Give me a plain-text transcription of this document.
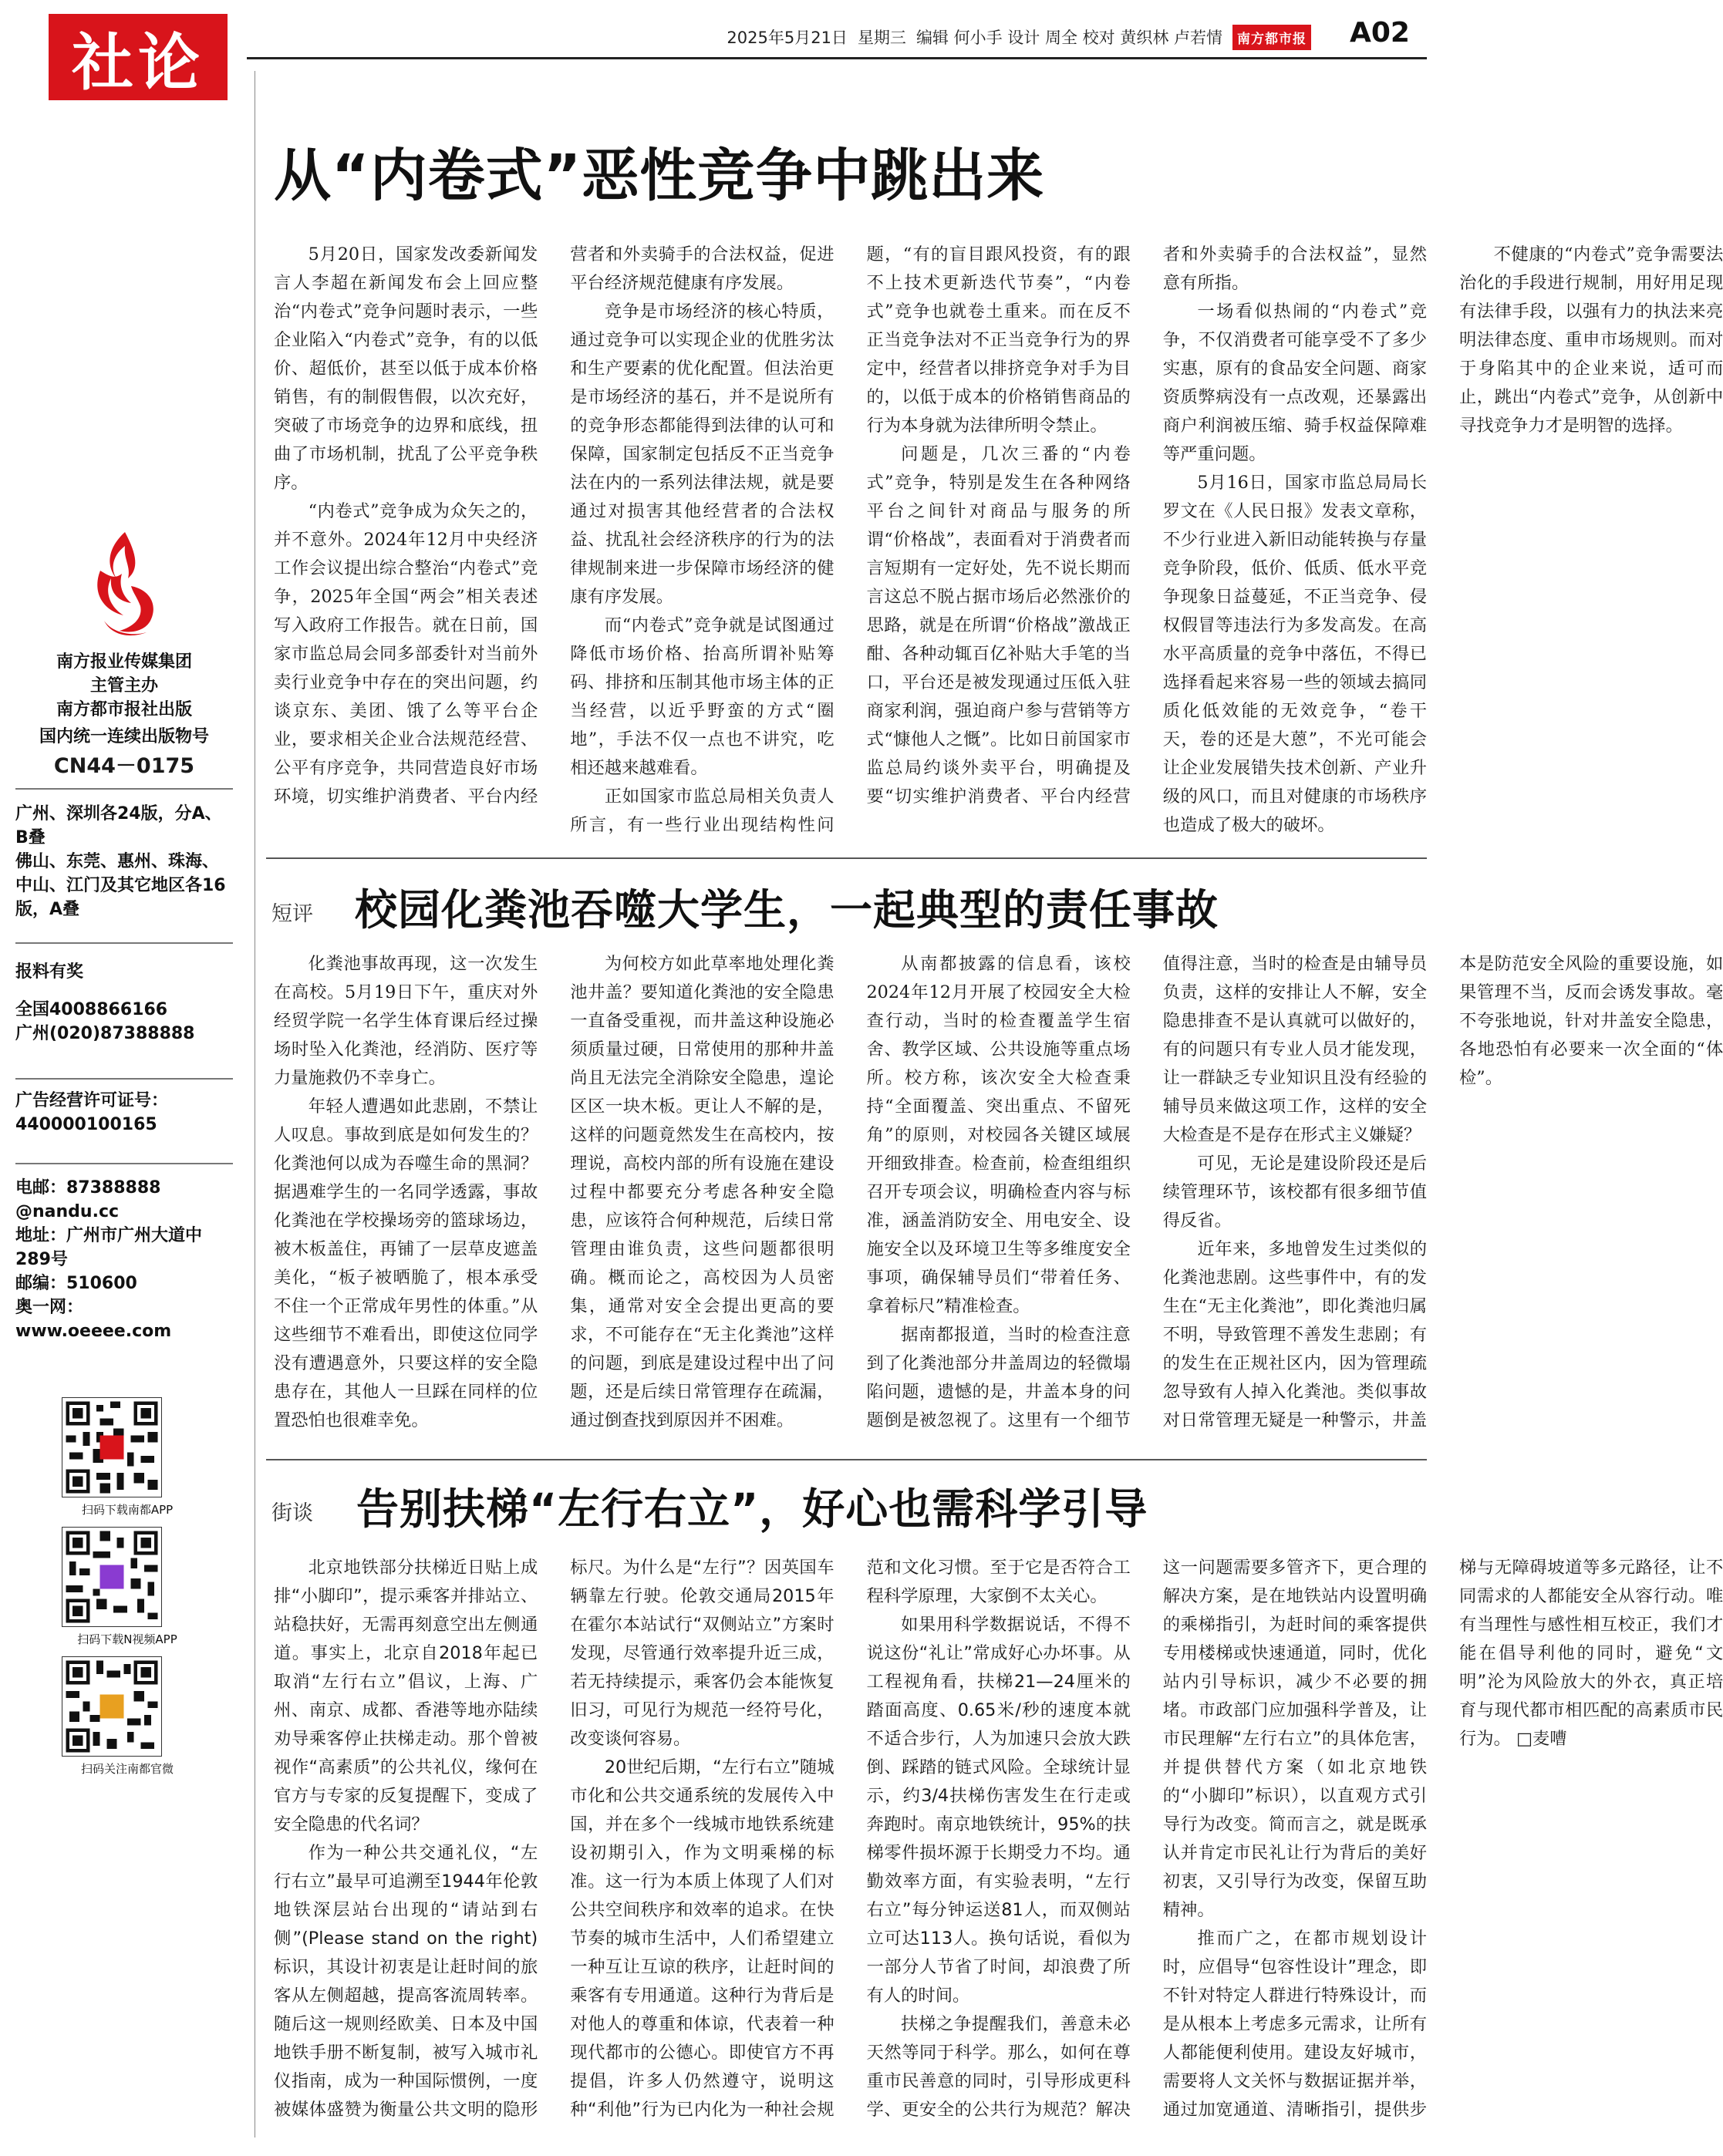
社论	2025年5月21日 星期三 编辑 何小手 设计 周全 校对 黄织林 卢若情	南方都市报 A02
南方报业传媒集团
主管主办
南方都市报社出版
国内统一连续出版物号
CN44－0175
广州、深圳各24版，分A、B叠
佛山、东莞、惠州、珠海、中山、江门及其它地区各16版，A叠
报料有奖
全国4008866166
广州(020)87388888
广告经营许可证号：
440000100165
电邮：87388888
@nandu.cc
地址：广州市广州大道中
289号
邮编：510600
奥一网：
www.oeeee.com
扫码下载南都APP
扫码下载N视频APP
扫码关注南都官微
从“内卷式”恶性竞争中跳出来

5月20日，国家发改委新闻发言人李超在新闻发布会上回应整治“内卷式”竞争问题时表示，一些企业陷入“内卷式”竞争，有的以低价、超低价，甚至以低于成本价格销售，有的制假售假，以次充好，突破了市场竞争的边界和底线，扭曲了市场机制，扰乱了公平竞争秩序。

“内卷式”竞争成为众矢之的，并不意外。2024年12月中央经济工作会议提出综合整治“内卷式”竞争，2025年全国“两会”相关表述写入政府工作报告。就在日前，国家市监总局会同多部委针对当前外卖行业竞争中存在的突出问题，约谈京东、美团、饿了么等平台企业，要求相关企业合法规范经营、公平有序竞争，共同营造良好市场环境，切实维护消费者、平台内经营者和外卖骑手的合法权益，促进平台经济规范健康有序发展。

竞争是市场经济的核心特质，通过竞争可以实现企业的优胜劣汰和生产要素的优化配置。但法治更是市场经济的基石，并不是说所有的竞争形态都能得到法律的认可和保障，国家制定包括反不正当竞争法在内的一系列法律法规，就是要通过对损害其他经营者的合法权益、扰乱社会经济秩序的行为的法律规制来进一步保障市场经济的健康有序发展。

而“内卷式”竞争就是试图通过降低市场价格、抬高所谓补贴筹码、排挤和压制其他市场主体的正当经营，以近乎野蛮的方式“圈地”，手法不仅一点也不讲究，吃相还越来越难看。

正如国家市监总局相关负责人所言，有一些行业出现结构性问题，“有的盲目跟风投资，有的跟不上技术更新迭代节奏”，“内卷式”竞争也就卷土重来。而在反不正当竞争法对不正当竞争行为的界定中，经营者以排挤竞争对手为目的，以低于成本的价格销售商品的行为本身就为法律所明令禁止。

问题是，几次三番的“内卷式”竞争，特别是发生在各种网络平台之间针对商品与服务的所谓“价格战”，表面看对于消费者而言短期有一定好处，先不说长期而言这总不脱占据市场后必然涨价的思路，就是在所谓“价格战”激战正酣、各种动辄百亿补贴大手笔的当口，平台还是被发现通过压低入驻商家利润，强迫商户参与营销等方式“慷他人之慨”。比如日前国家市监总局约谈外卖平台，明确提及要“切实维护消费者、平台内经营者和外卖骑手的合法权益”，显然意有所指。

一场看似热闹的“内卷式”竞争，不仅消费者可能享受不了多少实惠，原有的食品安全问题、商家资质弊病没有一点改观，还暴露出商户利润被压缩、骑手权益保障难等严重问题。

5月16日，国家市监总局局长罗文在《人民日报》发表文章称，不少行业进入新旧动能转换与存量竞争阶段，低价、低质、低水平竞争现象日益蔓延，不正当竞争、侵权假冒等违法行为多发高发。在高水平高质量的竞争中落伍，不得已选择看起来容易一些的领域去搞同质化低效能的无效竞争，“卷干天，卷的还是大蒽”，不光可能会让企业发展错失技术创新、产业升级的风口，而且对健康的市场秩序也造成了极大的破坏。

不健康的“内卷式”竞争需要法治化的手段进行规制，用好用足现有法律手段，以强有力的执法来亮明法律态度、重申市场规则。而对于身陷其中的企业来说，适可而止，跳出“内卷式”竞争，从创新中寻找竞争力才是明智的选择。

短评 校园化粪池吞噬大学生，一起典型的责任事故

化粪池事故再现，这一次发生在高校。5月19日下午，重庆对外经贸学院一名学生体育课后经过操场时坠入化粪池，经消防、医疗等力量施救仍不幸身亡。

年轻人遭遇如此悲剧，不禁让人叹息。事故到底是如何发生的？化粪池何以成为吞噬生命的黑洞？据遇难学生的一名同学透露，事故化粪池在学校操场旁的篮球场边，被木板盖住，再铺了一层草皮遮盖美化，“板子被晒脆了，根本承受不住一个正常成年男性的体重。”从这些细节不难看出，即使这位同学没有遭遇意外，只要这样的安全隐患存在，其他人一旦踩在同样的位置恐怕也很难幸免。

为何校方如此草率地处理化粪池井盖？要知道化粪池的安全隐患一直备受重视，而井盖这种设施必须质量过硬，日常使用的那种井盖尚且无法完全消除安全隐患，遑论区区一块木板。更让人不解的是，这样的问题竟然发生在高校内，按理说，高校内部的所有设施在建设过程中都要充分考虑各种安全隐患，应该符合何种规范，后续日常管理由谁负责，这些问题都很明确。概而论之，高校因为人员密集，通常对安全会提出更高的要求，不可能存在“无主化粪池”这样的问题，到底是建设过程中出了问题，还是后续日常管理存在疏漏，通过倒查找到原因并不困难。

从南都披露的信息看，该校2024年12月开展了校园安全大检查行动，当时的检查覆盖学生宿舍、教学区域、公共设施等重点场所。校方称，该次安全大检查秉持“全面覆盖、突出重点、不留死角”的原则，对校园各关键区域展开细致排查。检查前，检查组组织召开专项会议，明确检查内容与标准，涵盖消防安全、用电安全、设施安全以及环境卫生等多维度安全事项，确保辅导员们“带着任务、拿着标尺”精准检查。

据南都报道，当时的检查注意到了化粪池部分井盖周边的轻微塌陷问题，遗憾的是，井盖本身的问题倒是被忽视了。这里有一个细节值得注意，当时的检查是由辅导员负责，这样的安排让人不解，安全隐患排查不是认真就可以做好的，有的问题只有专业人员才能发现，让一群缺乏专业知识且没有经验的辅导员来做这项工作，这样的安全大检查是不是存在形式主义嫌疑？

可见，无论是建设阶段还是后续管理环节，该校都有很多细节值得反省。

近年来，多地曾发生过类似的化粪池悲剧。这些事件中，有的发生在“无主化粪池”，即化粪池归属不明，导致管理不善发生悲剧；有的发生在正规社区内，因为管理疏忽导致有人掉入化粪池。类似事故对日常管理无疑是一种警示，井盖本是防范安全风险的重要设施，如果管理不当，反而会诱发事故。毫不夸张地说，针对井盖安全隐患，各地恐怕有必要来一次全面的“体检”。

街谈 告别扶梯“左行右立”，好心也需科学引导

北京地铁部分扶梯近日贴上成排“小脚印”，提示乘客并排站立、站稳扶好，无需再刻意空出左侧通道。事实上，北京自2018年起已取消“左行右立”倡议，上海、广州、南京、成都、香港等地亦陆续劝导乘客停止扶梯走动。那个曾被视作“高素质”的公共礼仪，缘何在官方与专家的反复提醒下，变成了安全隐患的代名词？

作为一种公共交通礼仪，“左行右立”最早可追溯至1944年伦敦地铁深层站台出现的“请站到右侧”(Please stand on the right)标识，其设计初衷是让赶时间的旅客从左侧超越，提高客流周转率。随后这一规则经欧美、日本及中国地铁手册不断复制，被写入城市礼仪指南，成为一种国际惯例，一度被媒体盛赞为衡量公共文明的隐形标尺。为什么是“左行”？因英国车辆靠左行驶。伦敦交通局2015年在霍尔本站试行“双侧站立”方案时发现，尽管通行效率提升近三成，若无持续提示，乘客仍会本能恢复旧习，可见行为规范一经符号化，改变谈何容易。

20世纪后期，“左行右立”随城市化和公共交通系统的发展传入中国，并在多个一线城市地铁系统建设初期引入，作为文明乘梯的标准。这一行为本质上体现了人们对公共空间秩序和效率的追求。在快节奏的城市生活中，人们希望建立一种互让互谅的秩序，让赶时间的乘客有专用通道。这种行为背后是对他人的尊重和体谅，代表着一种现代都市的公德心。即使官方不再提倡，许多人仍然遵守，说明这种“利他”行为已内化为一种社会规范和文化习惯。至于它是否符合工程科学原理，大家倒不太关心。

如果用科学数据说话，不得不说这份“礼让”常成好心办坏事。从工程视角看，扶梯21—24厘米的踏面高度、0.65米/秒的速度本就不适合步行，人为加速只会放大跌倒、踩踏的链式风险。全球统计显示，约3/4扶梯伤害发生在行走或奔跑时。南京地铁统计，95%的扶梯零件损坏源于长期受力不均。通勤效率方面，有实验表明，“左行右立”每分钟运送81人，而双侧站立可达113人。换句话说，看似为一部分人节省了时间，却浪费了所有人的时间。

扶梯之争提醒我们，善意未必天然等同于科学。那么，如何在尊重市民善意的同时，引导形成更科学、更安全的公共行为规范？解决这一问题需要多管齐下，更合理的解决方案，是在地铁站内设置明确的乘梯指引，为赶时间的乘客提供专用楼梯或快速通道，同时，优化站内引导标识，减少不必要的拥堵。市政部门应加强科学普及，让市民理解“左行右立”的具体危害，并提供替代方案（如北京地铁的“小脚印”标识），以直观方式引导行为改变。简而言之，就是既承认并肯定市民礼让行为背后的美好初衷，又引导行为改变，保留互助精神。

推而广之，在都市规划设计时，应倡导“包容性设计”理念，即不针对特定人群进行特殊设计，而是从根本上考虑多元需求，让所有人都能便利使用。建设友好城市，需要将人文关怀与数据证据并举，通过加宽通道、清晰指引，提供步梯与无障碍坡道等多元路径，让不同需求的人都能安全从容行动。唯有当理性与感性相互校正，我们才能在倡导利他的同时，避免“文明”沦为风险放大的外衣，真正培育与现代都市相匹配的高素质市民行为。 □麦嘈
